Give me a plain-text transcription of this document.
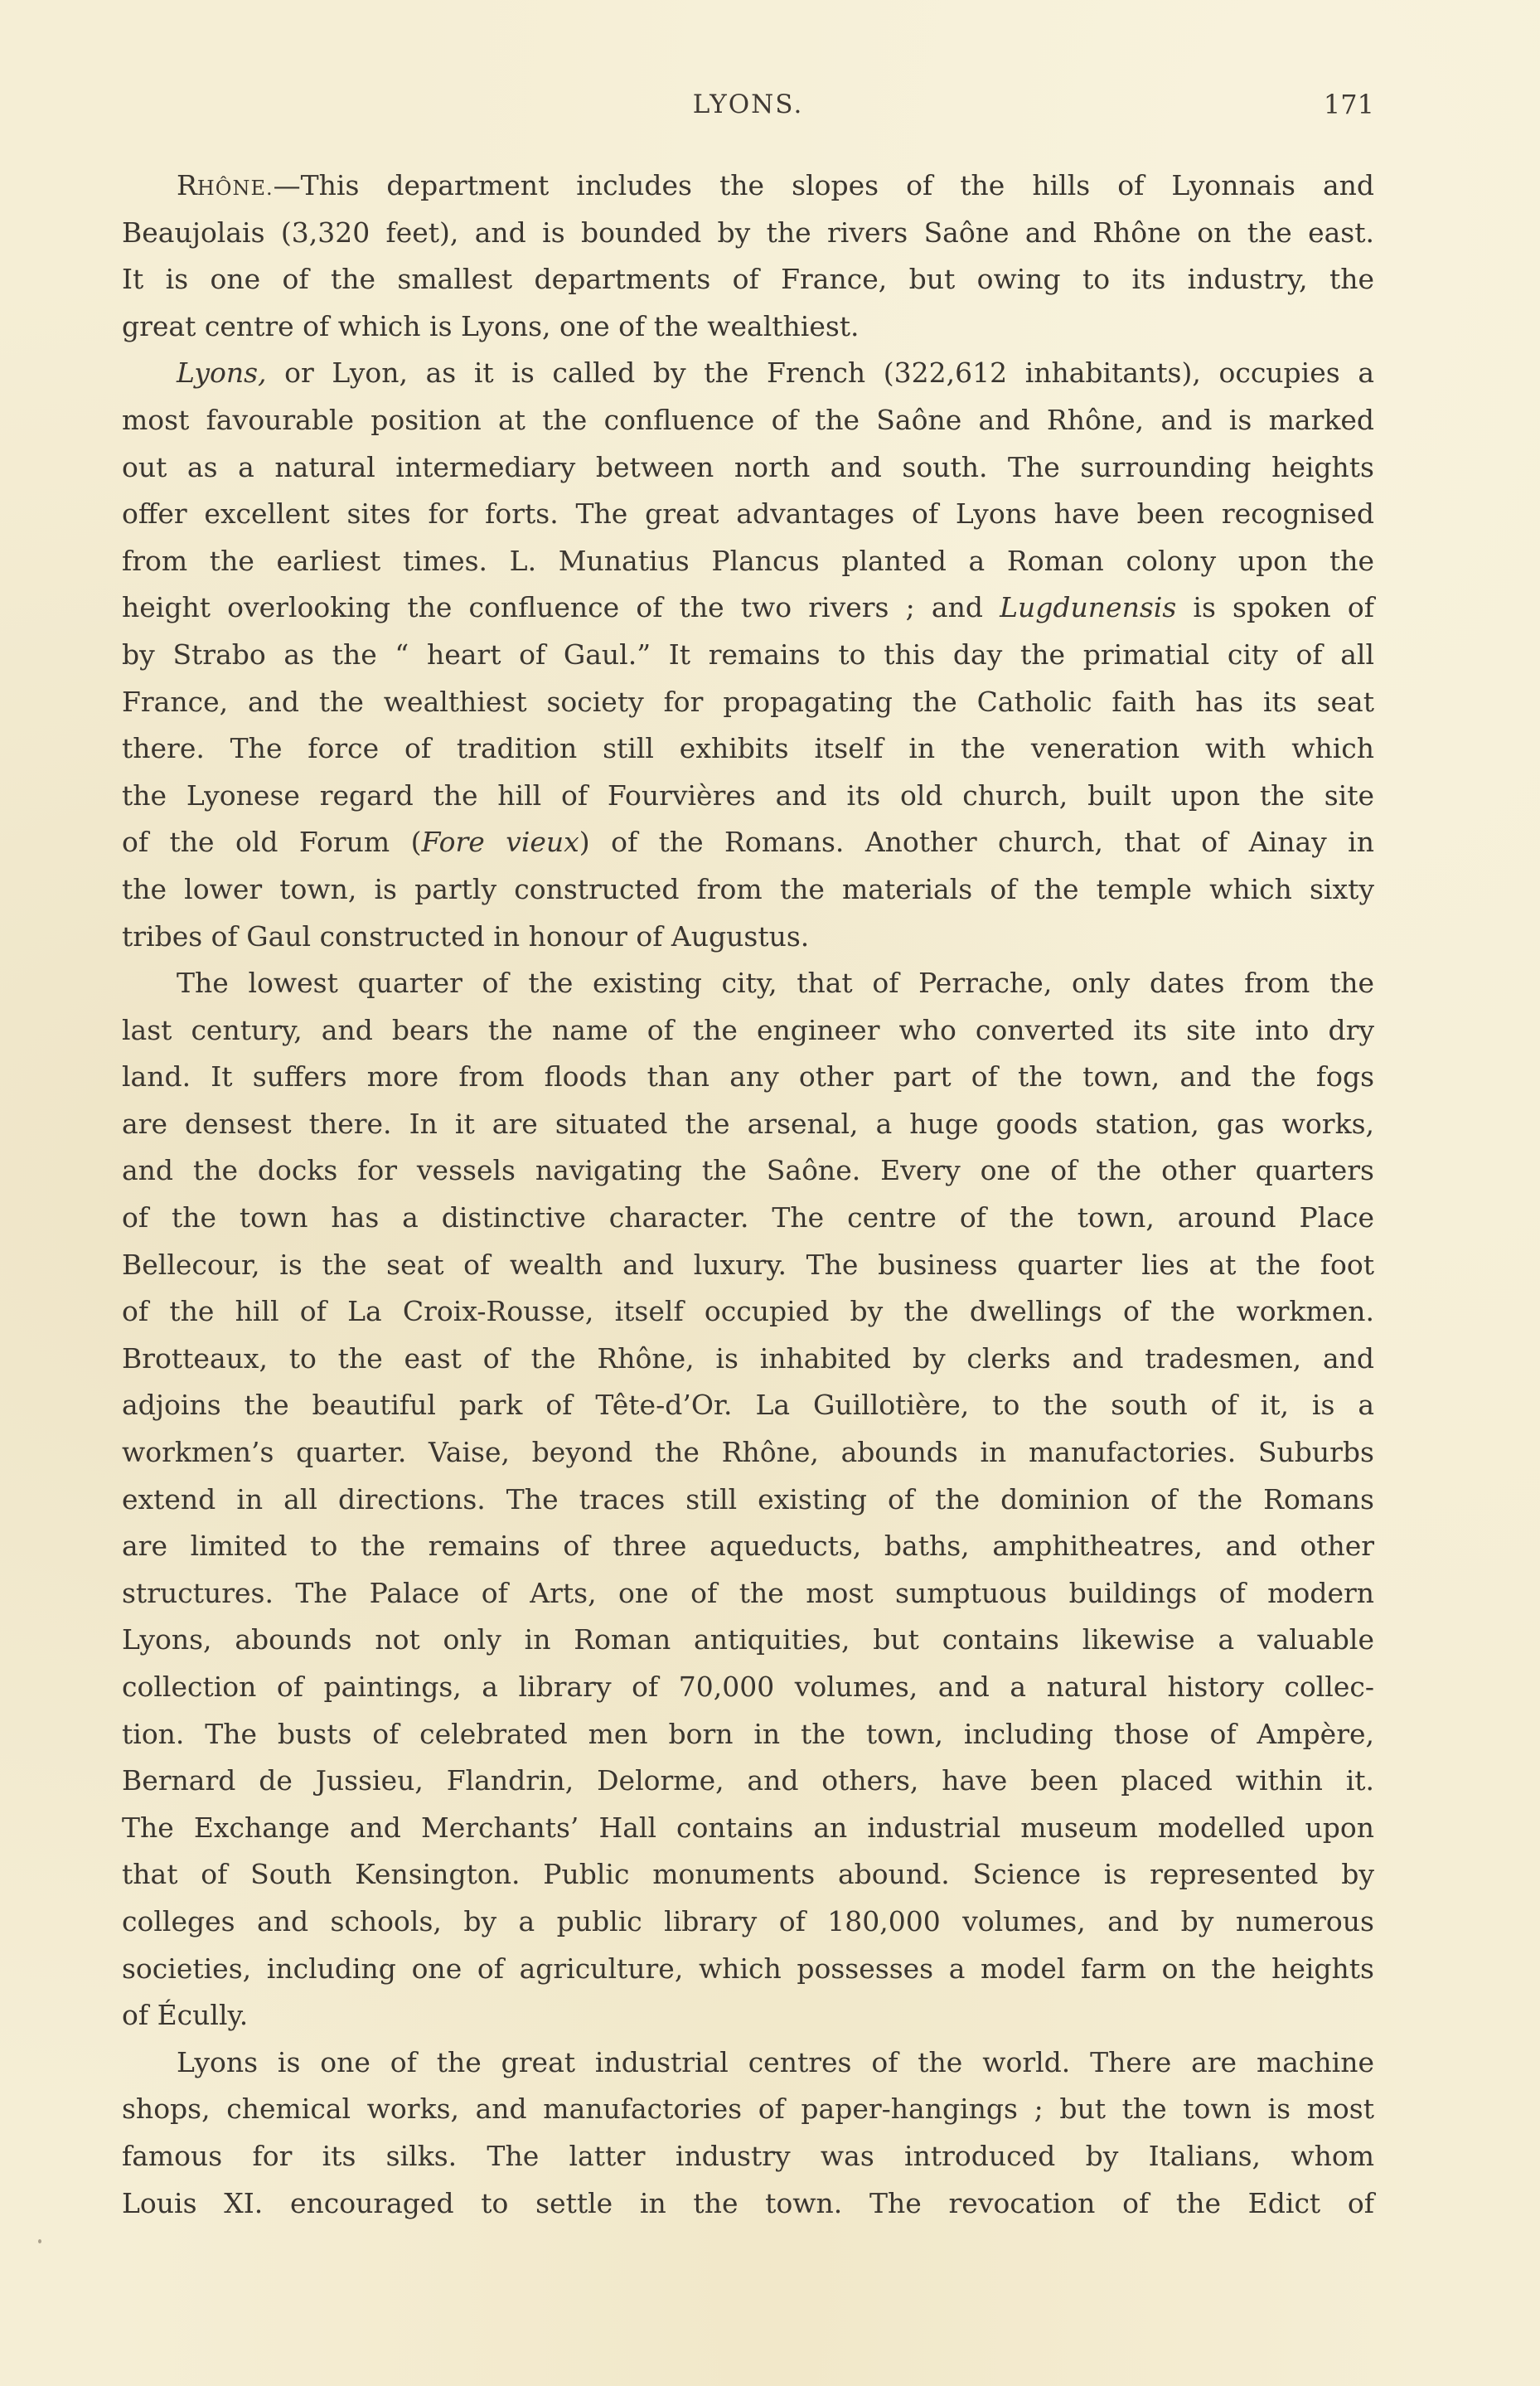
LYONS.	171
RHÔNE.—This department includes the slopes of the hills of Lyonnais and
Beaujolais (3,320 feet), and is bounded by the rivers Saône and Rhône on the east.
It is one of the smallest departments of France, but owing to its industry, the
great centre of which is Lyons, one of the wealthiest.
Lyons, or Lyon, as it is called by the French (322,612 inhabitants), occupies a
most favourable position at the confluence of the Saône and Rhône, and is marked
out as a natural intermediary between north and south. The surrounding heights
offer excellent sites for forts. The great advantages of Lyons have been recognised
from the earliest times. L. Munatius Plancus planted a Roman colony upon the
height overlooking the confluence of the two rivers ; and Lugdunensis is spoken of
by Strabo as the “ heart of Gaul.” It remains to this day the primatial city of all
France, and the wealthiest society for propagating the Catholic faith has its seat
there. The force of tradition still exhibits itself in the veneration with which
the Lyonese regard the hill of Fourvières and its old church, built upon the site
of the old Forum (Fore vieux) of the Romans. Another church, that of Ainay in
the lower town, is partly constructed from the materials of the temple which sixty
tribes of Gaul constructed in honour of Augustus.
The lowest quarter of the existing city, that of Perrache, only dates from the
last century, and bears the name of the engineer who converted its site into dry
land. It suffers more from floods than any other part of the town, and the fogs
are densest there. In it are situated the arsenal, a huge goods station, gas works,
and the docks for vessels navigating the Saône. Every one of the other quarters
of the town has a distinctive character. The centre of the town, around Place
Bellecour, is the seat of wealth and luxury. The business quarter lies at the foot
of the hill of La Croix-Rousse, itself occupied by the dwellings of the workmen.
Brotteaux, to the east of the Rhône, is inhabited by clerks and tradesmen, and
adjoins the beautiful park of Tête-d’Or. La Guillotière, to the south of it, is a
workmen’s quarter. Vaise, beyond the Rhône, abounds in manufactories. Suburbs
extend in all directions. The traces still existing of the dominion of the Romans
are limited to the remains of three aqueducts, baths, amphitheatres, and other
structures. The Palace of Arts, one of the most sumptuous buildings of modern
Lyons, abounds not only in Roman antiquities, but contains likewise a valuable
collection of paintings, a library of 70,000 volumes, and a natural history collec-
tion. The busts of celebrated men born in the town, including those of Ampère,
Bernard de Jussieu, Flandrin, Delorme, and others, have been placed within it.
The Exchange and Merchants’ Hall contains an industrial museum modelled upon
that of South Kensington. Public monuments abound. Science is represented by
colleges and schools, by a public library of 180,000 volumes, and by numerous
societies, including one of agriculture, which possesses a model farm on the heights
of Écully.
Lyons is one of the great industrial centres of the world. There are machine
shops, chemical works, and manufactories of paper-hangings ; but the town is most
famous for its silks. The latter industry was introduced by Italians, whom
Louis XI. encouraged to settle in the town. The revocation of the Edict of
